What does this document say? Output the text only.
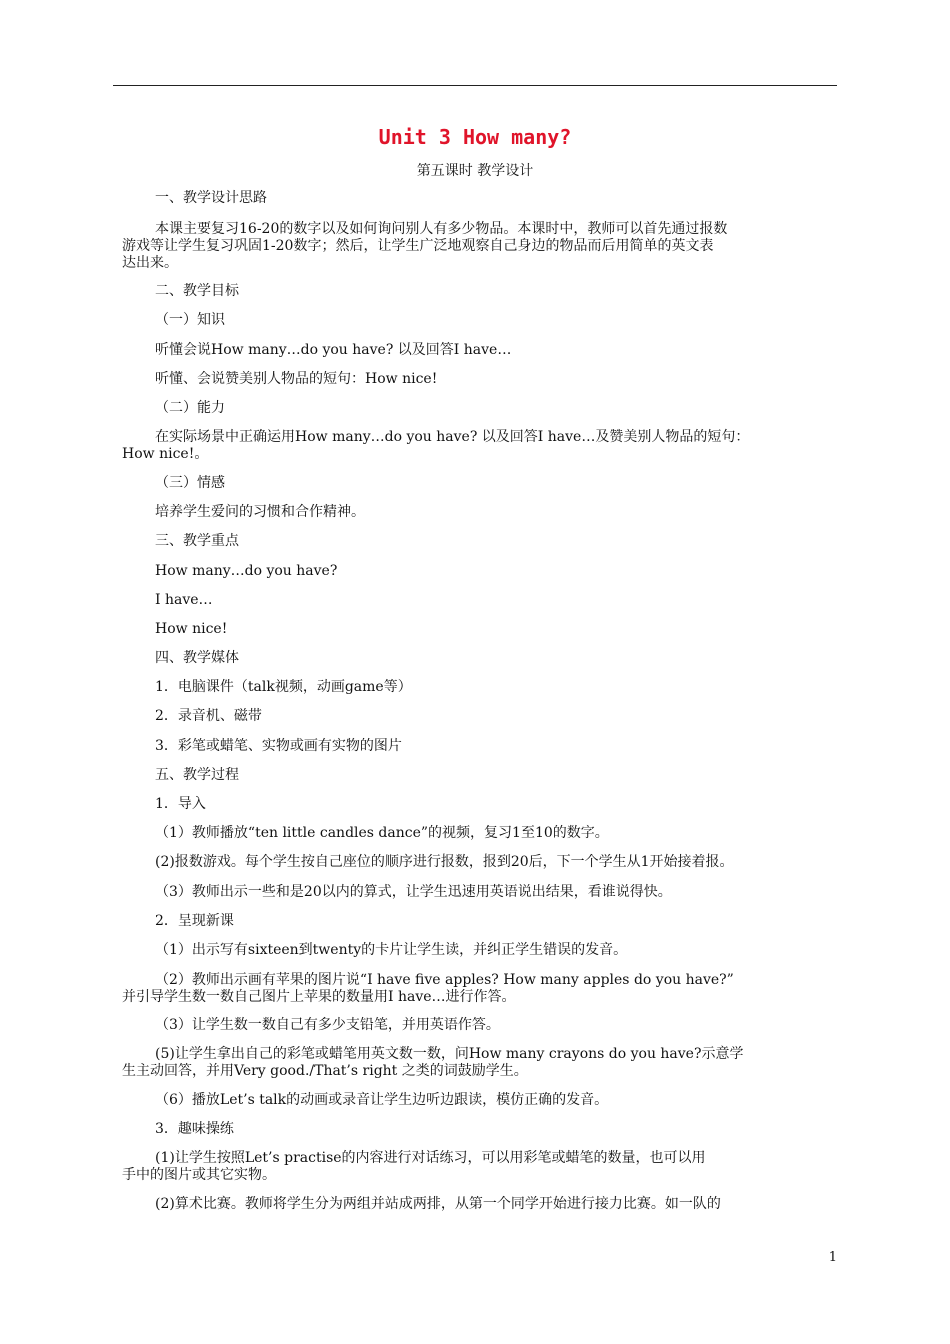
Unit 3 How many?
第五课时 教学设计
一、教学设计思路
本课主要复习16-20的数字以及如何询问别人有多少物品。本课时中，教师可以首先通过报数
游戏等让学生复习巩固1-20数字；然后，让学生广泛地观察自己身边的物品而后用简单的英文表
达出来。
二、教学目标
（一）知识
听懂会说How many…do you have? 以及回答I have…
听懂、会说赞美别人物品的短句：How nice!
（二）能力
在实际场景中正确运用How many…do you have? 以及回答I have…及赞美别人物品的短句：
How nice!。
（三）情感
培养学生爱问的习惯和合作精神。
三、教学重点
How many…do you have?
I have…
How nice!
四、教学媒体
1．电脑课件（talk视频，动画game等）
2．录音机、磁带
3．彩笔或蜡笔、实物或画有实物的图片
五、教学过程
1．导入
（1）教师播放“ten little candles dance”的视频，复习1至10的数字。
(2)报数游戏。每个学生按自己座位的顺序进行报数，报到20后，下一个学生从1开始接着报。
（3）教师出示一些和是20以内的算式，让学生迅速用英语说出结果，看谁说得快。
2．呈现新课
（1）出示写有sixteen到twenty的卡片让学生读，并纠正学生错误的发音。
（2）教师出示画有苹果的图片说“I have five apples? How many apples do you have?”
并引导学生数一数自己图片上苹果的数量用I have…进行作答。
（3）让学生数一数自己有多少支铅笔，并用英语作答。
(5)让学生拿出自己的彩笔或蜡笔用英文数一数，问How many crayons do you have?示意学
生主动回答，并用Very good./That’s right 之类的词鼓励学生。
（6）播放Let’s talk的动画或录音让学生边听边跟读，模仿正确的发音。
3．趣味操练
(1)让学生按照Let’s practise的内容进行对话练习，可以用彩笔或蜡笔的数量，也可以用
手中的图片或其它实物。
(2)算术比赛。教师将学生分为两组并站成两排，从第一个同学开始进行接力比赛。如一队的
1
